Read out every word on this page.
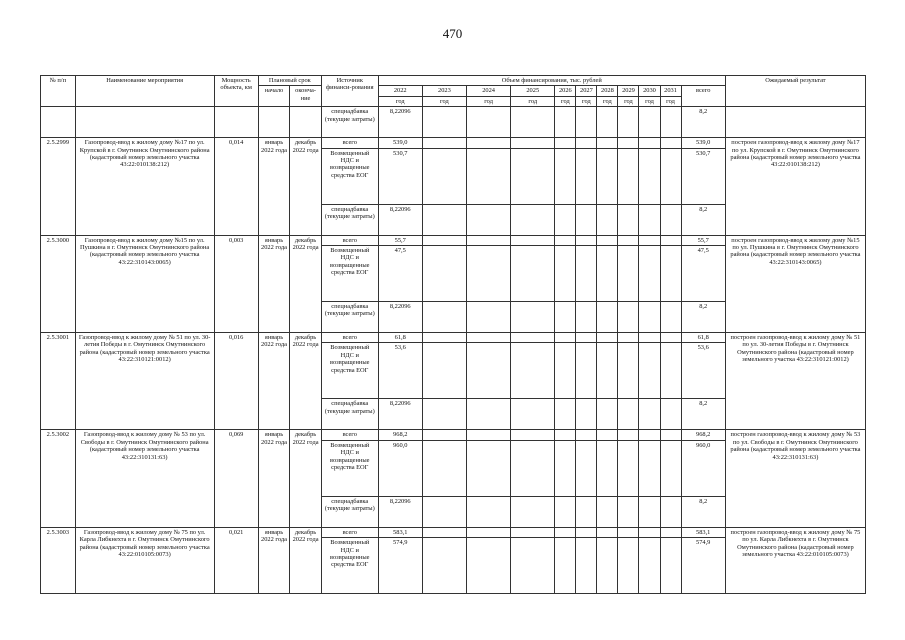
470
№ п/п	Наименование мероприятия	Мощность объекта, км	Плановый срок		Источник финанси-рования	Объем финансирования, тыс. рублей											Ожидаемый результат
			начало	оконча-ние		2022	2023	2024	2025	2026	2027	2028	2029	2030	2031	всего	
						год	год	год	год	год	год	год	год	год	год		
					спецнадбавка (текущие затраты)	8,22096										8,2	
2.5.2999	Газопровод-ввод к жилому дому №17 по ул. Крупской в г. Омутнинск Омутнинского района (кадастровый номер земельного участка 43:22:010138:212)	0,014	январь 2022 года	декабрь 2022 года	всего	539,0										539,0	построен газопровод-ввод к жилому дому №17 по ул. Крупской в г. Омутнинск Омутнинского района (кадастровый номер земельного участка 43:22:010138:212)
					Возмещенный НДС и возвращенные средства ЕОГ	530,7										530,7	
					спецнадбавка (текущие затраты)	8,22096										8,2	
2.5.3000	Газопровод-ввод к жилому дому №15 по ул. Пушкина в г. Омутнинск Омутнинского района (кадастровый номер земельного участка 43:22:310143:0065)	0,003	январь 2022 года	декабрь 2022 года	всего	55,7										55,7	построен газопровод-ввод к жилому дому №15 по ул. Пушкина в г. Омутнинск Омутнинского района (кадастровый номер земельного участка 43:22:310143:0065)
					Возмещенный НДС и возвращенные средства ЕОГ	47,5										47,5	
					спецнадбавка (текущие затраты)	8,22096										8,2	
2.5.3001	Газопровод-ввод к жилому дому № 51 по ул. 30-летия Победы в г. Омутнинск Омутнинского района (кадастровый номер земельного участка 43:22:310121:0012)	0,016	январь 2022 года	декабрь 2022 года	всего	61,8										61,8	построен газопровод-ввод к жилому дому № 51 по ул. 30-летия Победы в г. Омутнинск Омутнинского района (кадастровый номер земельного участка 43:22:310121:0012)
					Возмещенный НДС и возвращенные средства ЕОГ	53,6										53,6	
					спецнадбавка (текущие затраты)	8,22096										8,2	
2.5.3002	Газопровод-ввод к жилому дому № 53 по ул. Свободы в г. Омутнинск Омутнинского района (кадастровый номер земельного участка 43:22:310131:63)	0,069	январь 2022 года	декабрь 2022 года	всего	968,2										968,2	построен газопровод-ввод к жилому дому № 53 по ул. Свободы в г. Омутнинск Омутнинского района (кадастровый номер земельного участка 43:22:310131:63)
					Возмещенный НДС и возвращенные средства ЕОГ	960,0										960,0	
					спецнадбавка (текущие затраты)	8,22096										8,2	
2.5.3003	Газопровод-ввод к жилому дому № 75 по ул. Карла Либкнехта в г. Омутнинск Омутнинского района (кадастровый номер земельного участка 43:22:010105:0073)	0,021	январь 2022 года	декабрь 2022 года	всего	583,1										583,1	построен газопровод-ввод к жилому дому № 75 по ул. Карла Либкнехта в г. Омутнинск Омутнинского района (кадастровый номер земельного участка 43:22:010105:0073)
					Возмещенный НДС и возвращенные средства ЕОГ	574,9										574,9	
